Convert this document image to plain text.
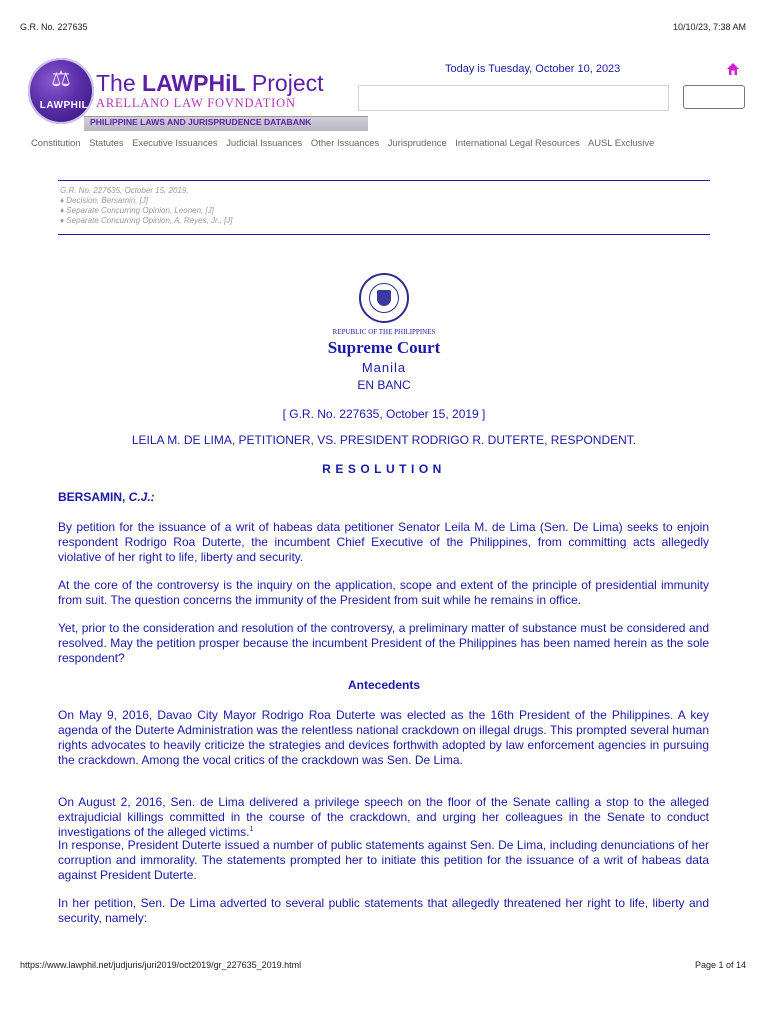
G.R. No. 227635	10/10/23, 7:38 AM
⚖
LAWPHIL
The LAWPHiL Project
ARELLANO LAW FOVNDATION
PHILIPPINE LAWS AND JURISPRUDENCE DATABANK
Today is Tuesday, October 10, 2023
Constitution Statutes Executive Issuances Judicial Issuances Other Issuances Jurisprudence International Legal Resources AUSL Exclusive
G.R. No. 227635, October 15, 2019,
♦ Decision, Bersamin, [J]
♦ Separate Concurring Opinion, Leonen, [J]
♦ Separate Concurring Opinion, A. Reyes, Jr., [J]
REPUBLIC OF THE PHILIPPINES
Supreme Court
Manila
EN BANC
[ G.R. No. 227635, October 15, 2019 ]
LEILA M. DE LIMA, PETITIONER, VS. PRESIDENT RODRIGO R. DUTERTE, RESPONDENT.
RESOLUTION
BERSAMIN, C.J.:
By petition for the issuance of a writ of habeas data petitioner Senator Leila M. de Lima (Sen. De Lima) seeks to enjoin respondent Rodrigo Roa Duterte, the incumbent Chief Executive of the Philippines, from committing acts allegedly violative of her right to life, liberty and security.
At the core of the controversy is the inquiry on the application, scope and extent of the principle of presidential immunity from suit. The question concerns the immunity of the President from suit while he remains in office.
Yet, prior to the consideration and resolution of the controversy, a preliminary matter of substance must be considered and resolved. May the petition prosper because the incumbent President of the Philippines has been named herein as the sole respondent?
Antecedents
On May 9, 2016, Davao City Mayor Rodrigo Roa Duterte was elected as the 16th President of the Philippines. A key agenda of the Duterte Administration was the relentless national crackdown on illegal drugs. This prompted several human rights advocates to heavily criticize the strategies and devices forthwith adopted by law enforcement agencies in pursuing the crackdown. Among the vocal critics of the crackdown was Sen. De Lima.
On August 2, 2016, Sen. de Lima delivered a privilege speech on the floor of the Senate calling a stop to the alleged extrajudicial killings committed in the course of the crackdown, and urging her colleagues in the Senate to conduct investigations of the alleged victims.$^1$
In response, President Duterte issued a number of public statements against Sen. De Lima, including denunciations of her corruption and immorality. The statements prompted her to initiate this petition for the issuance of a writ of habeas data against President Duterte.
In her petition, Sen. De Lima adverted to several public statements that allegedly threatened her right to life, liberty and security, namely:
https://www.lawphil.net/judjuris/juri2019/oct2019/gr_227635_2019.html	Page 1 of 14
